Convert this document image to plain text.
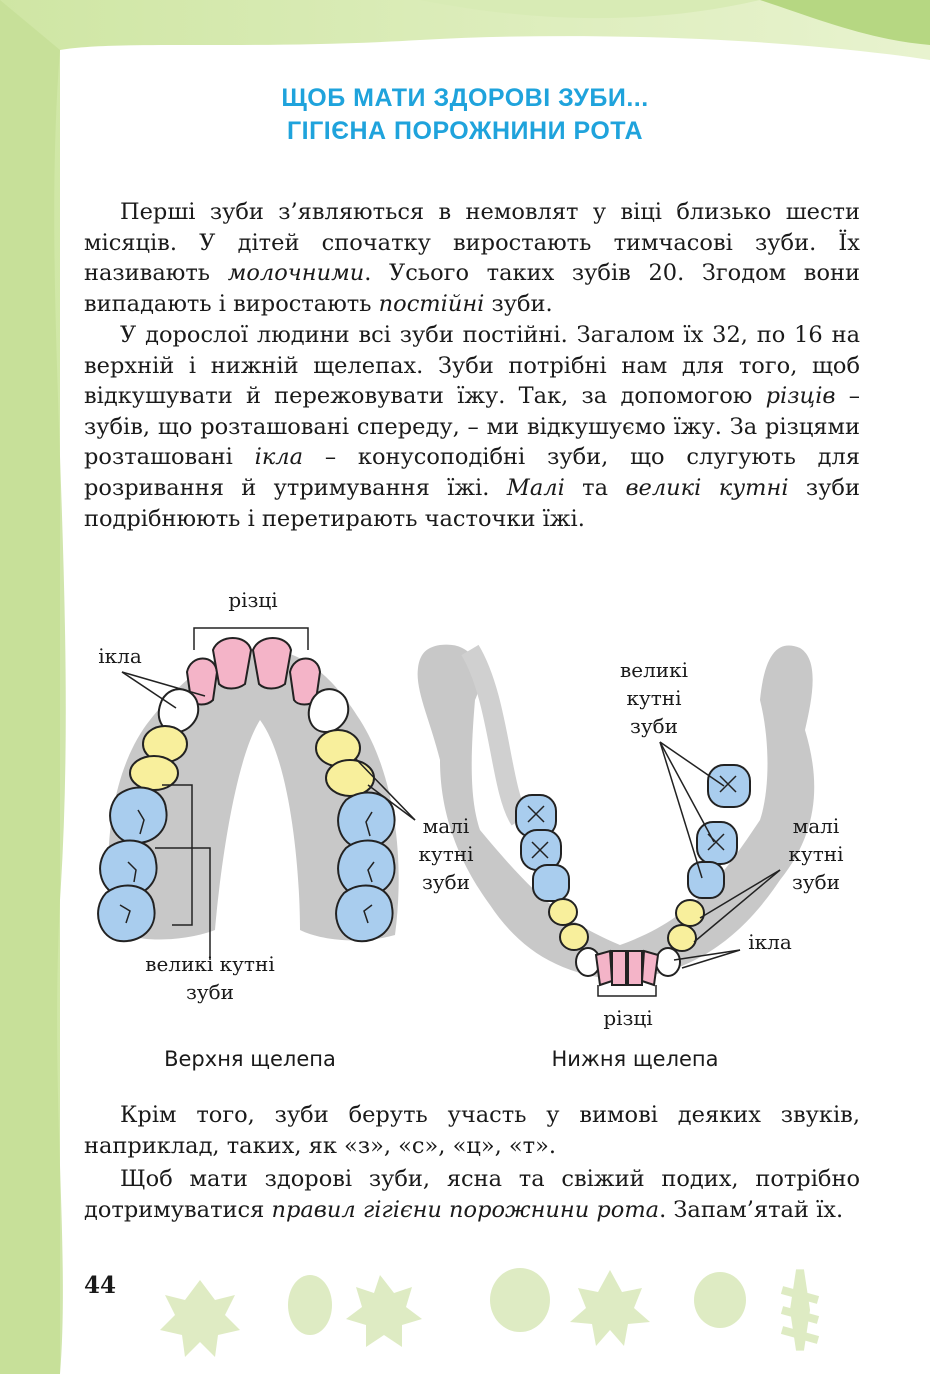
ЩОБ МАТИ ЗДОРОВІ ЗУБИ...
ГІГІЄНА ПОРОЖНИНИ РОТА
Перші зуби з’являються в немовлят у віці близько шести місяців. У дітей спочатку виростають тимчасові зуби. Їх називають молочними. Усього таких зубів 20. Згодом вони випадають і виростають постійні зуби.
У дорослої людини всі зуби постійні. Загалом їх 32, по 16 на верхній і нижній щелепах. Зуби потрібні нам для того, щоб відкушувати й пережовувати їжу. Так, за допомогою різців – зубів, що розташовані спереду, – ми відкушуємо їжу. За різцями розташовані ікла – конусоподібні зуби, що слугують для розривання й утримування їжі. Малі та великі кутні зуби подрібнюють і перетирають часточки їжі.
різці
ікла
малі кутні зуби
великі кутні зуби
великі кутні зуби
малі кутні зуби
ікла
різці
Верхня щелепа	Нижня щелепа
Крім того, зуби беруть участь у вимові деяких звуків, наприклад, таких, як «з», «с», «ц», «т».
Щоб мати здорові зуби, ясна та свіжий подих, потрібно дотримуватися правил гігієни порожнини рота. Запам’ятай їх.
44
